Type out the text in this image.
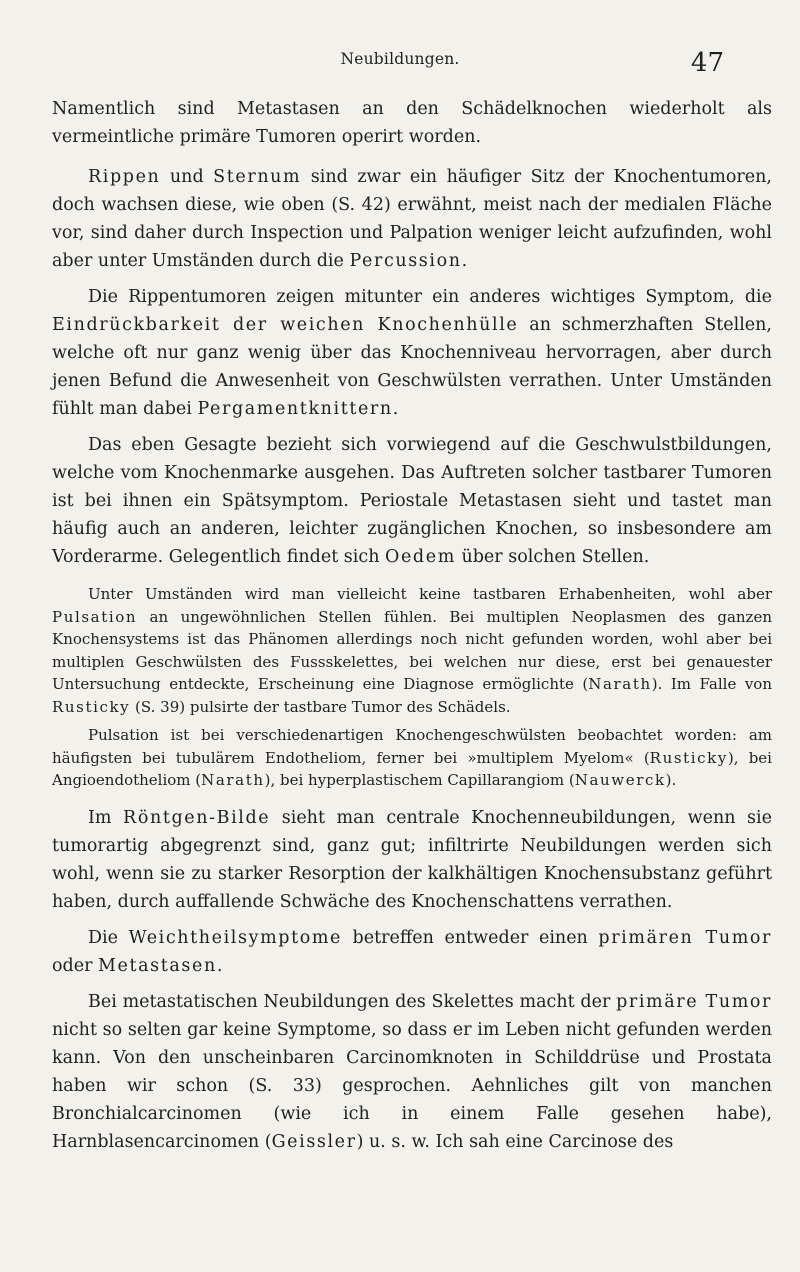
Neubildungen.	47

Namentlich sind Metastasen an den Schädelknochen wiederholt als vermeintliche primäre Tumoren operirt worden.

Rippen und Sternum sind zwar ein häufiger Sitz der Knochentumoren, doch wachsen diese, wie oben (S. 42) erwähnt, meist nach der medialen Fläche vor, sind daher durch Inspection und Palpation weniger leicht aufzufinden, wohl aber unter Umständen durch die Percussion.

Die Rippentumoren zeigen mitunter ein anderes wichtiges Symptom, die Eindrückbarkeit der weichen Knochenhülle an schmerzhaften Stellen, welche oft nur ganz wenig über das Knochenniveau hervorragen, aber durch jenen Befund die Anwesenheit von Geschwülsten verrathen. Unter Umständen fühlt man dabei Pergamentknittern.

Das eben Gesagte bezieht sich vorwiegend auf die Geschwulstbildungen, welche vom Knochenmarke ausgehen. Das Auftreten solcher tastbarer Tumoren ist bei ihnen ein Spätsymptom. Periostale Metastasen sieht und tastet man häufig auch an anderen, leichter zugänglichen Knochen, so insbesondere am Vorderarme. Gelegentlich findet sich Oedem über solchen Stellen.

Unter Umständen wird man vielleicht keine tastbaren Erhabenheiten, wohl aber Pulsation an ungewöhnlichen Stellen fühlen. Bei multiplen Neoplasmen des ganzen Knochensystems ist das Phänomen allerdings noch nicht gefunden worden, wohl aber bei multiplen Geschwülsten des Fussskelettes, bei welchen nur diese, erst bei genauester Untersuchung entdeckte, Erscheinung eine Diagnose ermöglichte (Narath). Im Falle von Rusticky (S. 39) pulsirte der tastbare Tumor des Schädels.

Pulsation ist bei verschiedenartigen Knochengeschwülsten beobachtet worden: am häufigsten bei tubulärem Endotheliom, ferner bei »multiplem Myelom« (Rusticky), bei Angioendotheliom (Narath), bei hyperplastischem Capillarangiom (Nauwerck).

Im Röntgen-Bilde sieht man centrale Knochenneubildungen, wenn sie tumorartig abgegrenzt sind, ganz gut; infiltrirte Neubildungen werden sich wohl, wenn sie zu starker Resorption der kalkhältigen Knochensubstanz geführt haben, durch auffallende Schwäche des Knochenschattens verrathen.

Die Weichtheilsymptome betreffen entweder einen primären Tumor oder Metastasen.

Bei metastatischen Neubildungen des Skelettes macht der primäre Tumor nicht so selten gar keine Symptome, so dass er im Leben nicht gefunden werden kann. Von den unscheinbaren Carcinomknoten in Schilddrüse und Prostata haben wir schon (S. 33) gesprochen. Aehnliches gilt von manchen Bronchialcarcinomen (wie ich in einem Falle gesehen habe), Harnblasencarcinomen (Geissler) u. s. w. Ich sah eine Carcinose des
